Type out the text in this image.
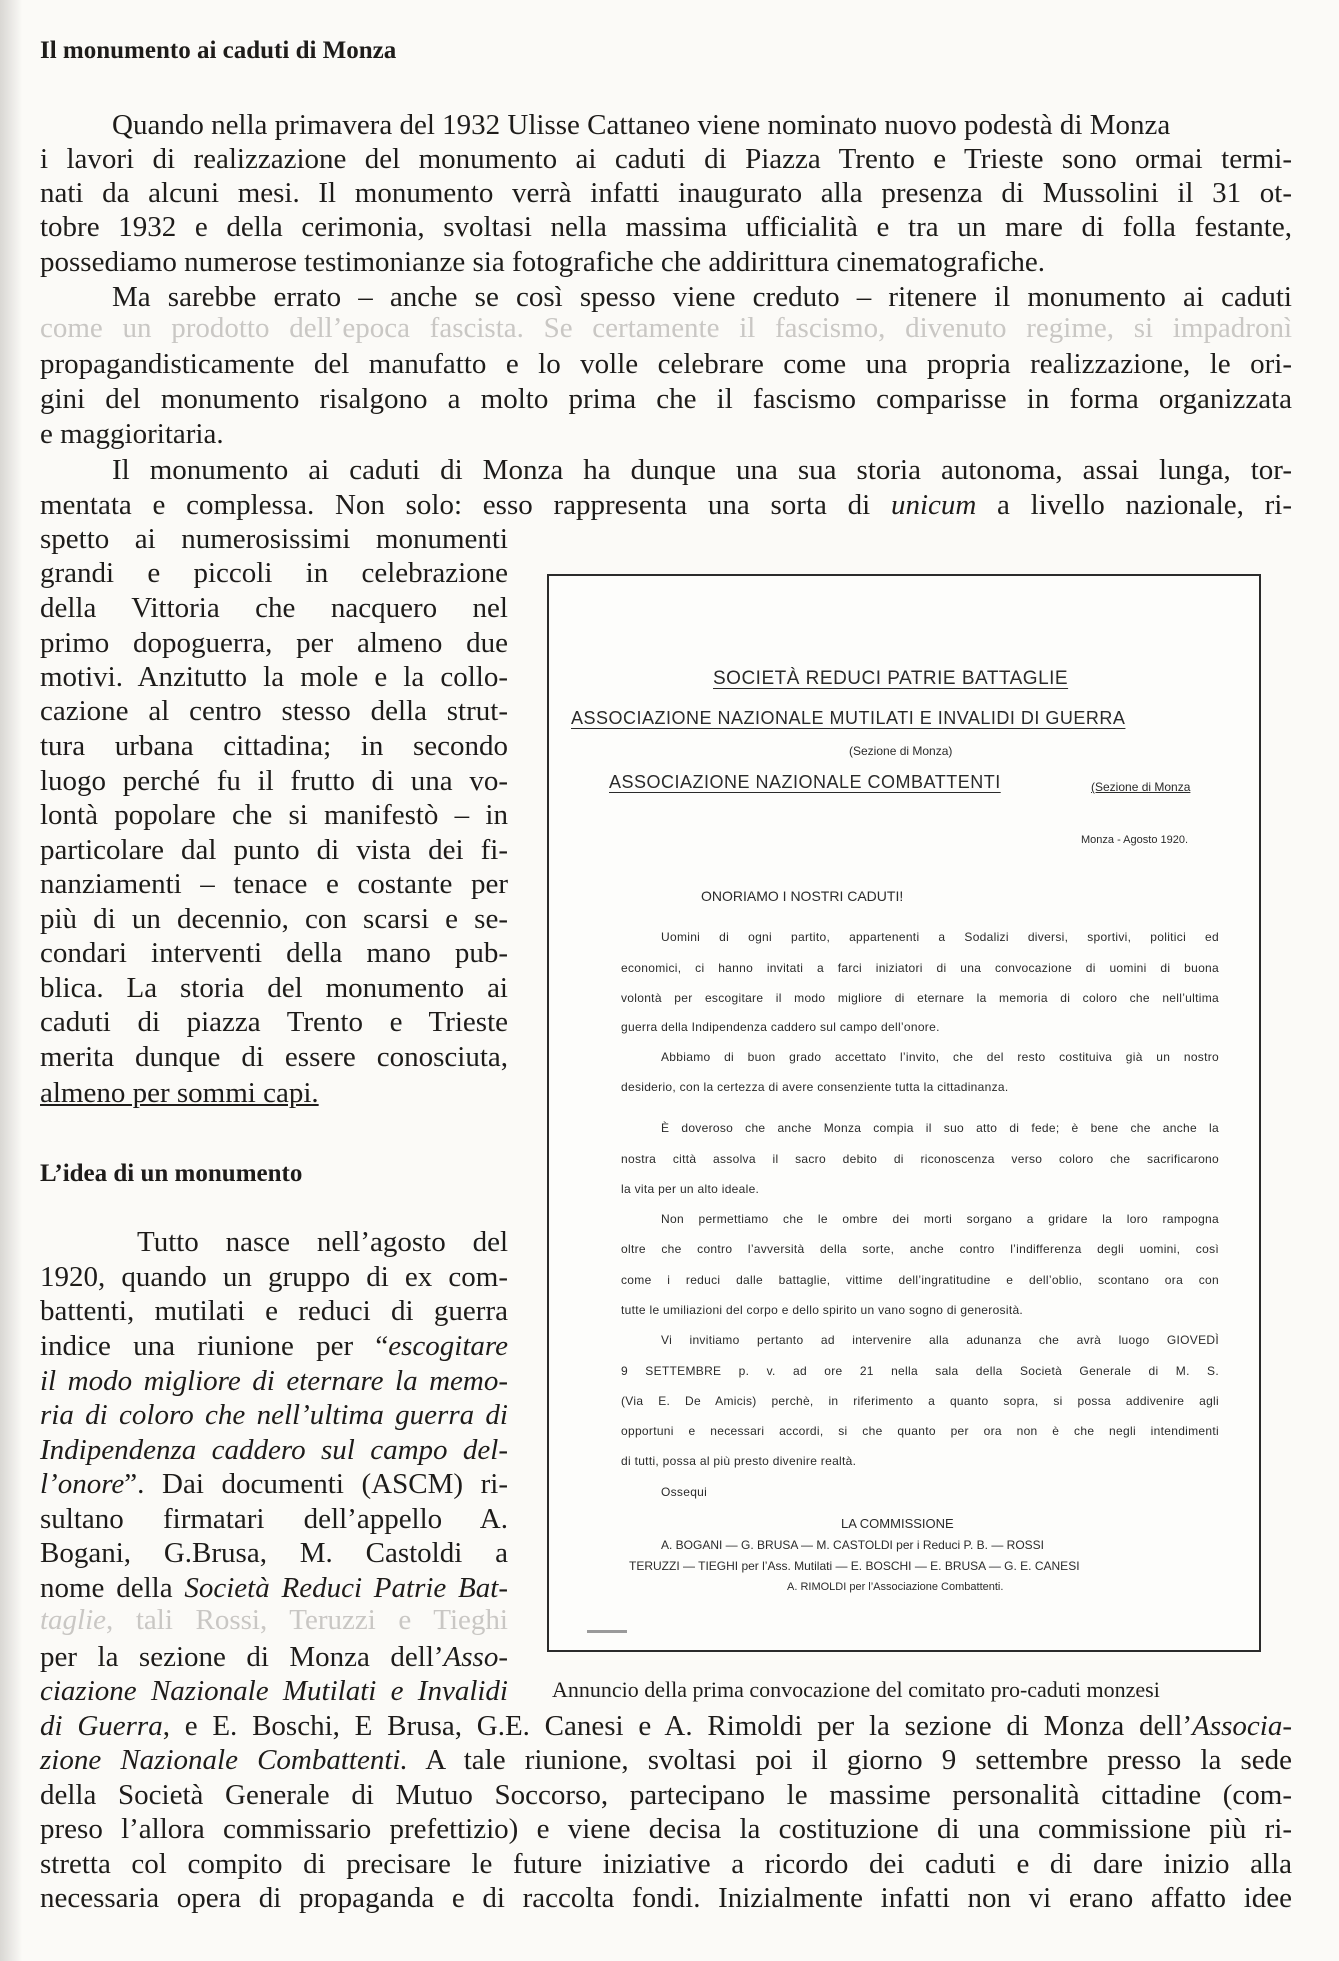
Il monumento ai caduti di Monza
Quando nella primavera del 1932 Ulisse Cattaneo viene nominato nuovo podestà di Monza
i lavori di realizzazione del monumento ai caduti di Piazza Trento e Trieste sono ormai termi-
nati da alcuni mesi. Il monumento verrà infatti inaugurato alla presenza di Mussolini il 31 ot-
tobre 1932 e della cerimonia, svoltasi nella massima ufficialità e tra un mare di folla festante,
possediamo numerose testimonianze sia fotografiche che addirittura cinematografiche.
Ma sarebbe errato – anche se così spesso viene creduto – ritenere il monumento ai caduti
come un prodotto dell’epoca fascista. Se certamente il fascismo, divenuto regime, si impadronì
propagandisticamente del manufatto e lo volle celebrare come una propria realizzazione, le ori-
gini del monumento risalgono a molto prima che il fascismo comparisse in forma organizzata
e maggioritaria.
Il monumento ai caduti di Monza ha dunque una sua storia autonoma, assai lunga, tor-
mentata e complessa. Non solo: esso rappresenta una sorta di unicum a livello nazionale, ri-
spetto ai numerosissimi monumenti
grandi e piccoli in celebrazione
della Vittoria che nacquero nel
primo dopoguerra, per almeno due
motivi. Anzitutto la mole e la collo-
cazione al centro stesso della strut-
tura urbana cittadina; in secondo
luogo perché fu il frutto di una vo-
lontà popolare che si manifestò – in
particolare dal punto di vista dei fi-
nanziamenti – tenace e costante per
più di un decennio, con scarsi e se-
condari interventi della mano pub-
blica. La storia del monumento ai
caduti di piazza Trento e Trieste
merita dunque di essere conosciuta,
almeno per sommi capi.
L’idea di un monumento
Tutto nasce nell’agosto del
1920, quando un gruppo di ex com-
battenti, mutilati e reduci di guerra
indice una riunione per “escogitare
il modo migliore di eternare la memo-
ria di coloro che nell’ultima guerra di
Indipendenza caddero sul campo del-
l’onore”. Dai documenti (ASCM) ri-
sultano firmatari dell’appello A.
Bogani, G.Brusa, M. Castoldi a
nome della Società Reduci Patrie Bat-
taglie, tali Rossi, Teruzzi e Tieghi
per la sezione di Monza dell’Asso-
ciazione Nazionale Mutilati e Invalidi
di Guerra, e E. Boschi, E Brusa, G.E. Canesi e A. Rimoldi per la sezione di Monza dell’Associa-
zione Nazionale Combattenti. A tale riunione, svoltasi poi il giorno 9 settembre presso la sede
della Società Generale di Mutuo Soccorso, partecipano le massime personalità cittadine (com-
preso l’allora commissario prefettizio) e viene decisa la costituzione di una commissione più ri-
stretta col compito di precisare le future iniziative a ricordo dei caduti e di dare inizio alla
necessaria opera di propaganda e di raccolta fondi. Inizialmente infatti non vi erano affatto idee
SOCIETÀ REDUCI PATRIE BATTAGLIE
ASSOCIAZIONE NAZIONALE MUTILATI E INVALIDI DI GUERRA
(Sezione di Monza)
ASSOCIAZIONE NAZIONALE COMBATTENTI	(Sezione di Monza
Monza - Agosto 1920.
ONORIAMO I NOSTRI CADUTI!
Uomini di ogni partito, appartenenti a Sodalizi diversi, sportivi, politici ed
economici, ci hanno invitati a farci iniziatori di una convocazione di uomini di buona
volontà per escogitare il modo migliore di eternare la memoria di coloro che nell’ultima
guerra della Indipendenza caddero sul campo dell’onore.
Abbiamo di buon grado accettato l’invito, che del resto costituiva già un nostro
desiderio, con la certezza di avere consenziente tutta la cittadinanza.
È doveroso che anche Monza compia il suo atto di fede; è bene che anche la
nostra città assolva il sacro debito di riconoscenza verso coloro che sacrificarono
la vita per un alto ideale.
Non permettiamo che le ombre dei morti sorgano a gridare la loro rampogna
oltre che contro l’avversità della sorte, anche contro l’indifferenza degli uomini, così
come i reduci dalle battaglie, vittime dell’ingratitudine e dell’oblio, scontano ora con
tutte le umiliazioni del corpo e dello spirito un vano sogno di generosità.
Vi invitiamo pertanto ad intervenire alla adunanza che avrà luogo GIOVEDÌ
9 SETTEMBRE p. v. ad ore 21 nella sala della Società Generale di M. S.
(Via E. De Amicis) perchè, in riferimento a quanto sopra, si possa addivenire agli
opportuni e necessari accordi, si che quanto per ora non è che negli intendimenti
di tutti, possa al più presto divenire realtà.
Ossequi
LA COMMISSIONE
A. BOGANI — G. BRUSA — M. CASTOLDI per i Reduci P. B. — ROSSI
TERUZZI — TIEGHI per l’Ass. Mutilati — E. BOSCHI — E. BRUSA — G. E. CANESI
A. RIMOLDI per l’Associazione Combattenti.
Annuncio della prima convocazione del comitato pro-caduti monzesi
